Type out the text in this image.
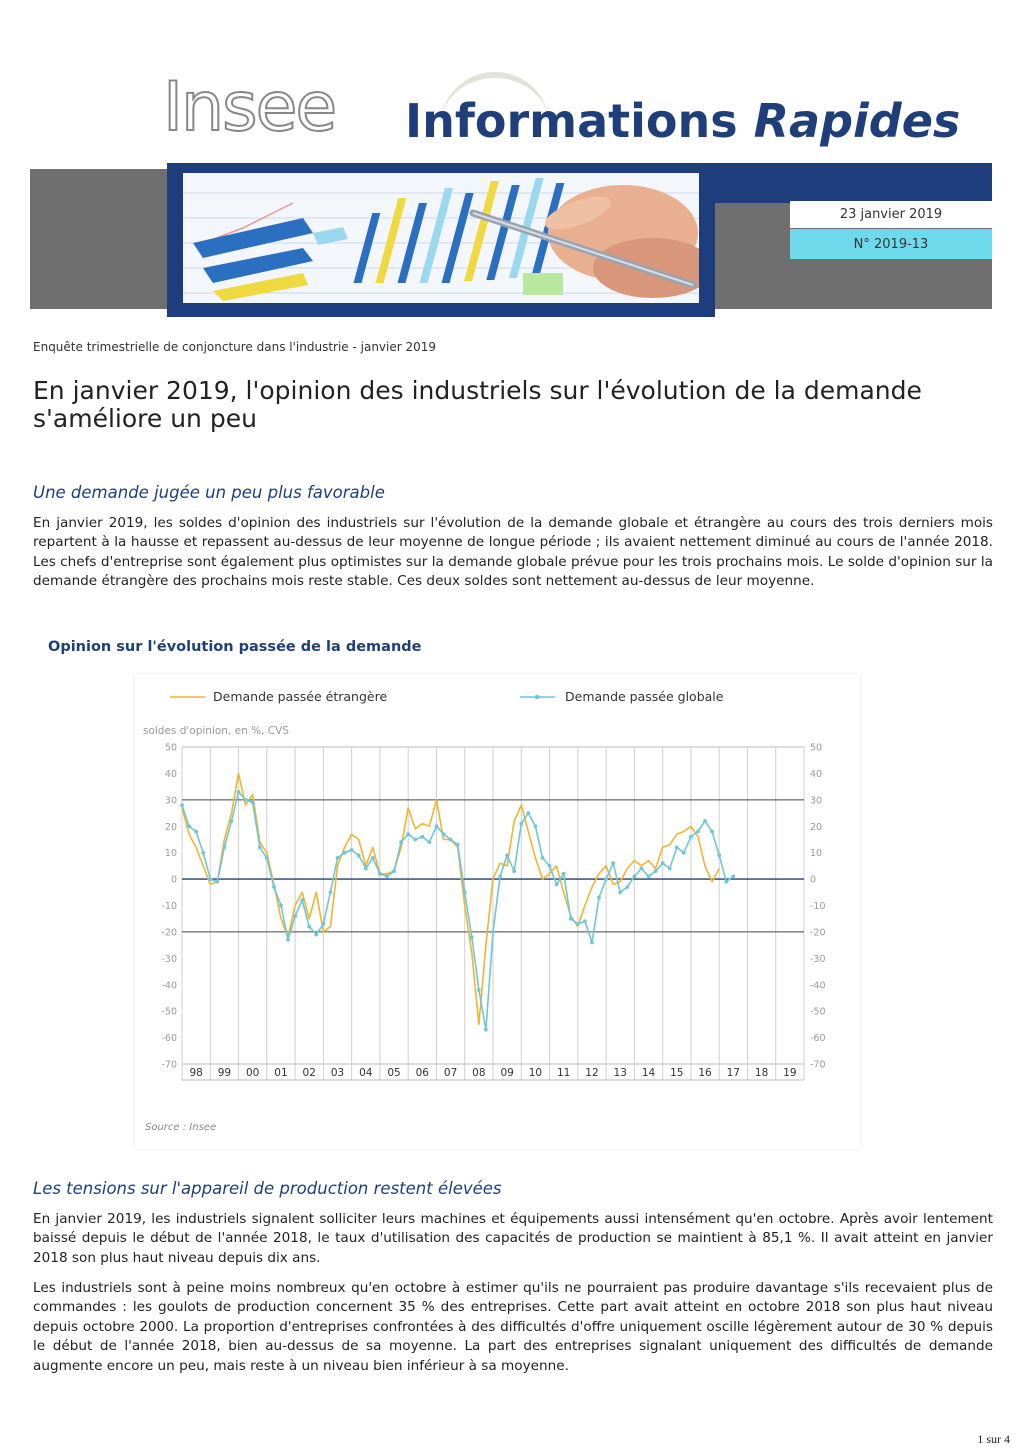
Insee Informations Rapides
23 janvier 2019
N° 2019-13
Enquête trimestrielle de conjoncture dans l'industrie - janvier 2019
En janvier 2019, l'opinion des industriels sur l'évolution de la demande s'améliore un peu
Une demande jugée un peu plus favorable

En janvier 2019, les soldes d'opinion des industriels sur l'évolution de la demande globale et étrangère au cours des trois derniers mois repartent à la hausse et repassent au-dessus de leur moyenne de longue période ; ils avaient nettement diminué au cours de l'année 2018. Les chefs d'entreprise sont également plus optimistes sur la demande globale prévue pour les trois prochains mois. Le solde d'opinion sur la demande étrangère des prochains mois reste stable. Ces deux soldes sont nettement au-dessus de leur moyenne.

Opinion sur l'évolution passée de la demande
Demande passée étrangère	Demande passée globale
soldes d'opinion, en %, CVS
98 99 00 01 02 03 04 05 06 07 08 09 10 11 12 13 14 15 16 17 18 19
50	50
40	40
30	30
20	20
10	10
0	0
-10	-10
-20	-20
-30	-30
-40	-40
-50	-50
-60	-60
-70	-70
Source : Insee
Les tensions sur l'appareil de production restent élevées

En janvier 2019, les industriels signalent solliciter leurs machines et équipements aussi intensément qu'en octobre. Après avoir lentement baissé depuis le début de l'année 2018, le taux d'utilisation des capacités de production se maintient à 85,1 %. Il avait atteint en janvier 2018 son plus haut niveau depuis dix ans.

Les industriels sont à peine moins nombreux qu'en octobre à estimer qu'ils ne pourraient pas produire davantage s'ils recevaient plus de commandes : les goulots de production concernent 35 % des entreprises. Cette part avait atteint en octobre 2018 son plus haut niveau depuis octobre 2000. La proportion d'entreprises confrontées à des difficultés d'offre uniquement oscille légèrement autour de 30 % depuis le début de l'année 2018, bien au-dessus de sa moyenne. La part des entreprises signalant uniquement des difficultés de demande augmente encore un peu, mais reste à un niveau bien inférieur à sa moyenne.

1 sur 4
